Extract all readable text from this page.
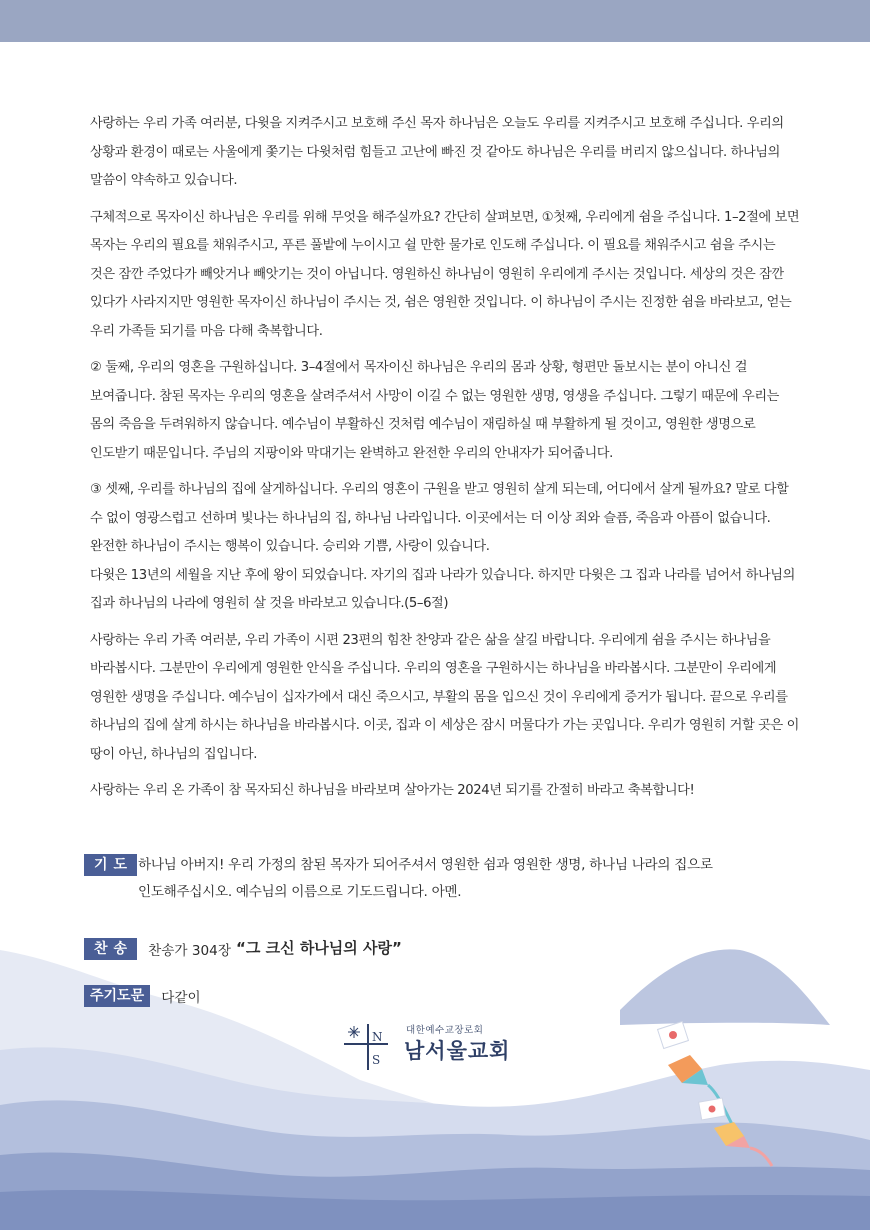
사랑하는 우리 가족 여러분, 다윗을 지켜주시고 보호해 주신 목자 하나님은 오늘도 우리를 지켜주시고 보호해 주십니다. 우리의 상황과 환경이 때로는 사울에게 쫓기는 다윗처럼 힘들고 고난에 빠진 것 같아도 하나님은 우리를 버리지 않으십니다. 하나님의 말씀이 약속하고 있습니다.

구체적으로 목자이신 하나님은 우리를 위해 무엇을 해주실까요? 간단히 살펴보면, ①첫째, 우리에게 쉼을 주십니다. 1–2절에 보면 목자는 우리의 필요를 채워주시고, 푸른 풀밭에 누이시고 쉴 만한 물가로 인도해 주십니다. 이 필요를 채워주시고 쉼을 주시는 것은 잠깐 주었다가 빼앗거나 빼앗기는 것이 아닙니다. 영원하신 하나님이 영원히 우리에게 주시는 것입니다. 세상의 것은 잠깐 있다가 사라지지만 영원한 목자이신 하나님이 주시는 것, 쉼은 영원한 것입니다. 이 하나님이 주시는 진정한 쉼을 바라보고, 얻는 우리 가족들 되기를 마음 다해 축복합니다.

② 둘째, 우리의 영혼을 구원하십니다. 3–4절에서 목자이신 하나님은 우리의 몸과 상황, 형편만 돌보시는 분이 아니신 걸 보여줍니다. 참된 목자는 우리의 영혼을 살려주셔서 사망이 이길 수 없는 영원한 생명, 영생을 주십니다. 그렇기 때문에 우리는 몸의 죽음을 두려워하지 않습니다. 예수님이 부활하신 것처럼 예수님이 재림하실 때 부활하게 될 것이고, 영원한 생명으로 인도받기 때문입니다. 주님의 지팡이와 막대기는 완벽하고 완전한 우리의 안내자가 되어줍니다.

③ 셋째, 우리를 하나님의 집에 살게하십니다. 우리의 영혼이 구원을 받고 영원히 살게 되는데, 어디에서 살게 될까요? 말로 다할 수 없이 영광스럽고 선하며 빛나는 하나님의 집, 하나님 나라입니다. 이곳에서는 더 이상 죄와 슬픔, 죽음과 아픔이 없습니다. 완전한 하나님이 주시는 행복이 있습니다. 승리와 기쁨, 사랑이 있습니다.

다윗은 13년의 세월을 지난 후에 왕이 되었습니다. 자기의 집과 나라가 있습니다. 하지만 다윗은 그 집과 나라를 넘어서 하나님의 집과 하나님의 나라에 영원히 살 것을 바라보고 있습니다.(5–6절)

사랑하는 우리 가족 여러분, 우리 가족이 시편 23편의 힘찬 찬양과 같은 삶을 살길 바랍니다. 우리에게 쉼을 주시는 하나님을 바라봅시다. 그분만이 우리에게 영원한 안식을 주십니다. 우리의 영혼을 구원하시는 하나님을 바라봅시다. 그분만이 우리에게 영원한 생명을 주십니다. 예수님이 십자가에서 대신 죽으시고, 부활의 몸을 입으신 것이 우리에게 증거가 됩니다. 끝으로 우리를 하나님의 집에 살게 하시는 하나님을 바라봅시다. 이곳, 집과 이 세상은 잠시 머물다가 가는 곳입니다. 우리가 영원히 거할 곳은 이 땅이 아닌, 하나님의 집입니다.

사랑하는 우리 온 가족이 참 목자되신 하나님을 바라보며 살아가는 2024년 되기를 간절히 바라고 축복합니다!

기도 하나님 아버지! 우리 가정의 참된 목자가 되어주셔서 영원한 쉼과 영원한 생명, 하나님 나라의 집으로 인도해주십시오. 예수님의 이름으로 기도드립니다. 아멘.
찬송 찬송가 304장 “그 크신 하나님의 사랑”
주기도문 다같이
N
S
대한예수교장로회
남서울교회
